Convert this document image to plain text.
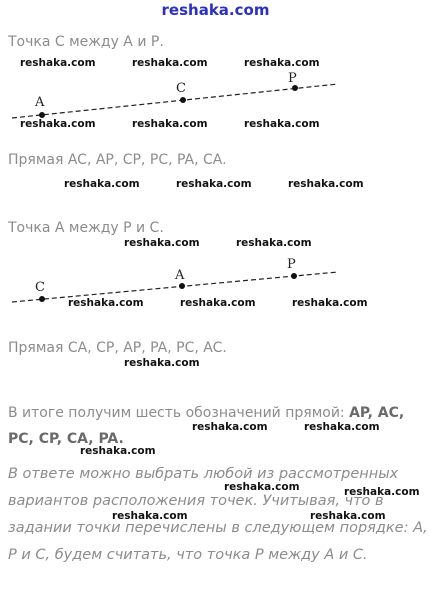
reshaka.com
Точка С между А и Р.
A
C
P
Прямая AC, AP, CP, PC, PA, CA.
Точка А между Р и С.
C
A
P
Прямая CA, CP, AP, PA, PC, AC.
В итоге получим шесть обозначений прямой: AP, AC,
PC, CP, CA, PA.
В ответе можно выбрать любой из рассмотренных
вариантов расположения точек. Учитывая, что в
задании точки перечислены в следующем порядке: А,
Р и С, будем считать, что точка Р между А и С.
reshaka.com	reshaka.com	reshaka.com
reshaka.com	reshaka.com	reshaka.com
reshaka.com	reshaka.com	reshaka.com
reshaka.com	reshaka.com
reshaka.com	reshaka.com	reshaka.com
reshaka.com
reshaka.com	reshaka.com
reshaka.com
reshaka.com	reshaka.com
reshaka.com	reshaka.com
